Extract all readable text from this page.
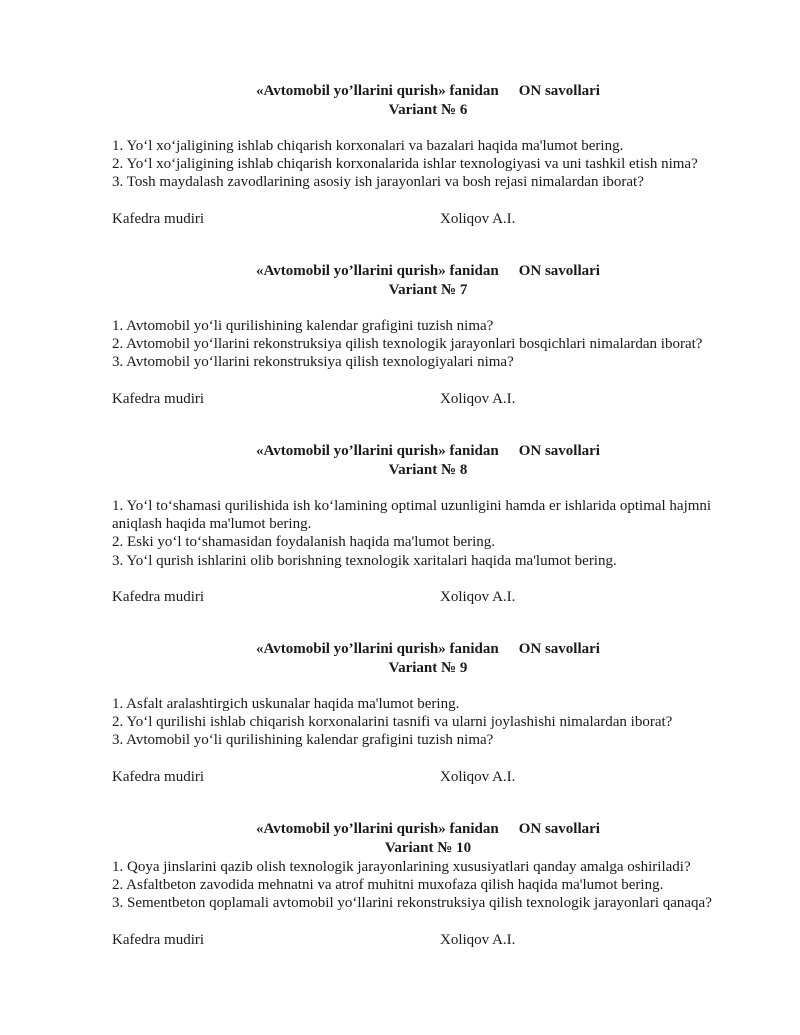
«Avtomobil yo’llarini qurish» fanidan ON savollari
Variant № 6

1. Yo‘l xo‘jaligining ishlab chiqarish korxonalari va bazalari haqida ma'lumot bering.

2. Yo‘l xo‘jaligining ishlab chiqarish korxonalarida ishlar texnologiyasi va uni tashkil etish nima?

3. Tosh maydalash zavodlarining asosiy ish jarayonlari va bosh rejasi nimalardan iborat?

Kafedra mudiri	Xoliqov A.I.
«Avtomobil yo’llarini qurish» fanidan ON savollari
Variant № 7

1. Avtomobil yo‘li qurilishining kalendar grafigini tuzish nima?

2. Avtomobil yo‘llarini rekonstruksiya qilish texnologik jarayonlari bosqichlari nimalardan iborat?

3. Avtomobil yo‘llarini rekonstruksiya qilish texnologiyalari nima?

Kafedra mudiri	Xoliqov A.I.
«Avtomobil yo’llarini qurish» fanidan ON savollari
Variant № 8

1. Yo‘l to‘shamasi qurilishida ish ko‘lamining optimal uzunligini hamda er ishlarida optimal hajmni aniqlash haqida ma'lumot bering.

2. Eski yo‘l to‘shamasidan foydalanish haqida ma'lumot bering.

3. Yo‘l qurish ishlarini olib borishning texnologik xaritalari haqida ma'lumot bering.

Kafedra mudiri	Xoliqov A.I.
«Avtomobil yo’llarini qurish» fanidan ON savollari
Variant № 9

1. Asfalt aralashtirgich uskunalar haqida ma'lumot bering.

2. Yo‘l qurilishi ishlab chiqarish korxonalarini tasnifi va ularni joylashishi nimalardan iborat?

3. Avtomobil yo‘li qurilishining kalendar grafigini tuzish nima?

Kafedra mudiri	Xoliqov A.I.
«Avtomobil yo’llarini qurish» fanidan ON savollari
Variant № 10

1. Qoya jinslarini qazib olish texnologik jarayonlarining xususiyatlari qanday amalga oshiriladi?

2. Asfaltbeton zavodida mehnatni va atrof muhitni muxofaza qilish haqida ma'lumot bering.

3. Sementbeton qoplamali avtomobil yo‘llarini rekonstruksiya qilish texnologik jarayonlari qanaqa?

Kafedra mudiri	Xoliqov A.I.
